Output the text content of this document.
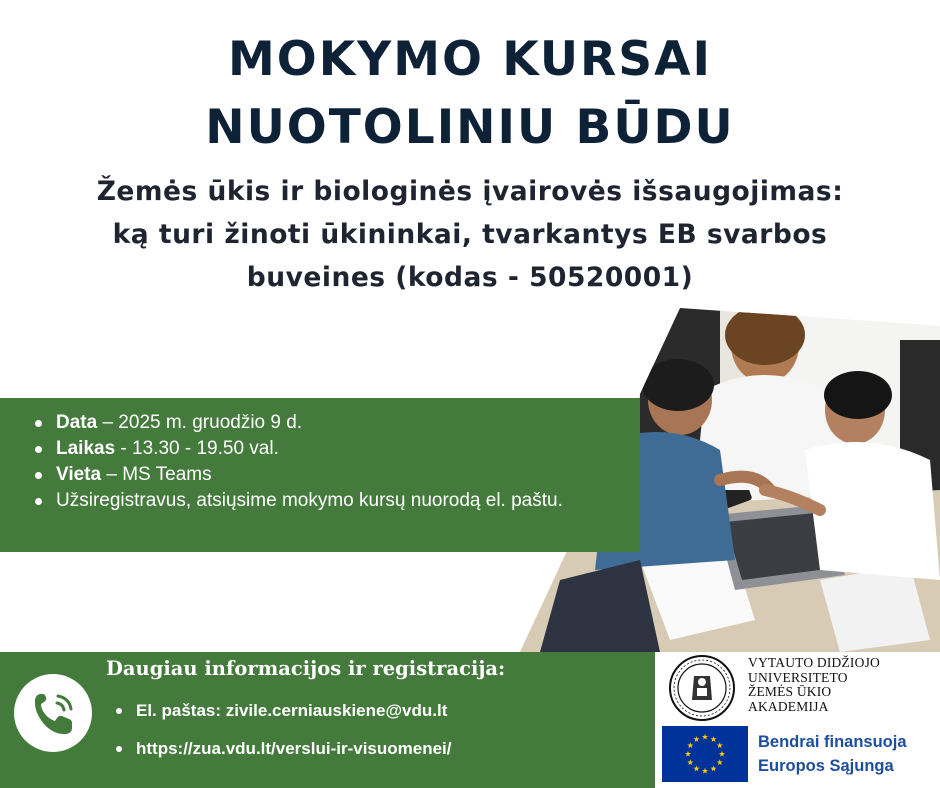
MOKYMO KURSAI
NUOTOLINIU BŪDU
Žemės ūkis ir biologinės įvairovės išsaugojimas:
ką turi žinoti ūkininkai, tvarkantys EB svarbos
buveines (kodas - 50520001)
Data – 2025 m. gruodžio 9 d.
Laikas - 13.30 - 19.50 val.
Vieta – MS Teams
Užsiregistravus, atsiųsime mokymo kursų nuorodą el. paštu.
Daugiau informacijos ir registracija:
El. paštas: zivile.cerniauskiene@vdu.lt
https://zua.vdu.lt/verslui-ir-visuomenei/
VYTAUTO DIDŽIOJO
UNIVERSITETO
ŽEMĖS ŪKIO
AKADEMIJA
Bendrai finansuoja
Europos Sąjunga
